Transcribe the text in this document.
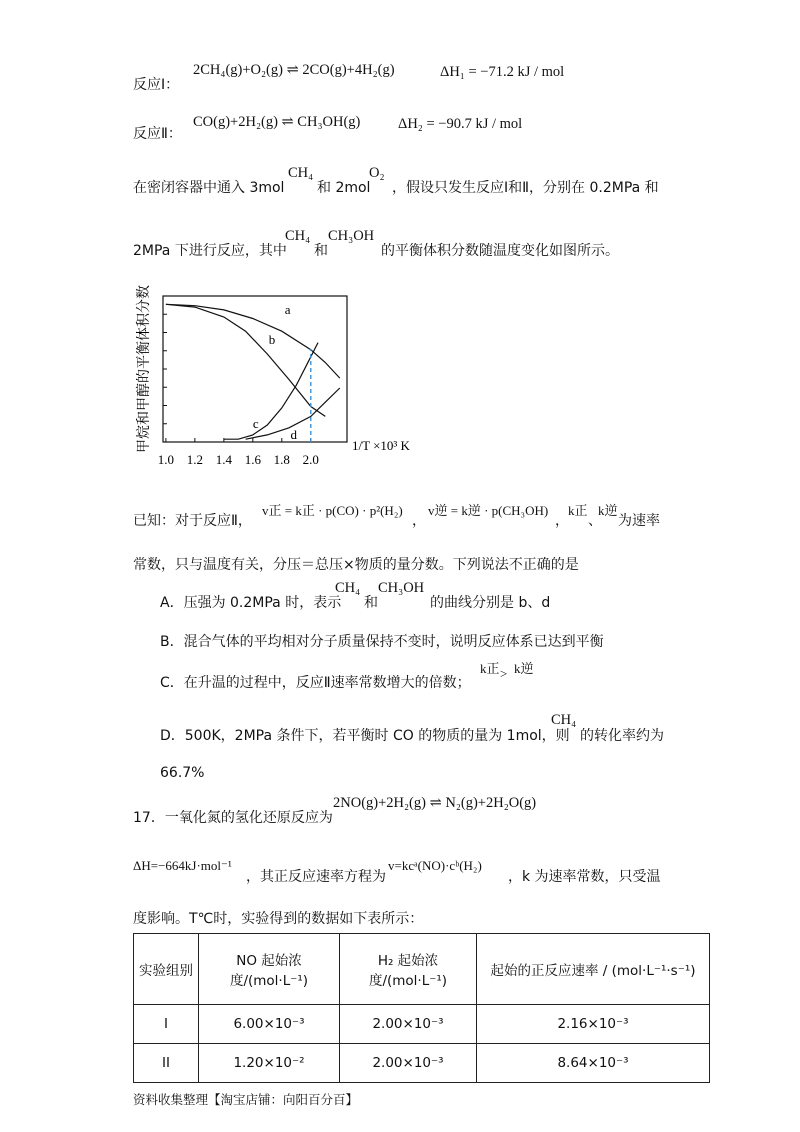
反应Ⅰ：
2CH₄(g)+O₂(g) ⇌ 2CO(g)+4H₂(g)	ΔH₁ = −71.2 kJ / mol
反应Ⅱ：
CO(g)+2H₂(g) ⇌ CH₃OH(g)	ΔH₂ = −90.7 kJ / mol
在密闭容器中通入 3mol
CH₄
和 2mol
O₂
，假设只发生反应Ⅰ和Ⅱ，分别在 0.2MPa 和
2MPa 下进行反应，其中
CH₄
和
CH₃OH
的平衡体积分数随温度变化如图所示。
1.0 1.2 1.4 1.6 1.8 2.0
a
b
c
d
甲烷和甲醇的平衡体积分数	1/T ×10³ K
已知：对于反应Ⅱ，
v正 = k正 · p(CO) · p²(H₂)
，
v逆 = k逆 · p(CH₃OH)
，
k正
、
k逆
为速率
常数，只与温度有关，分压＝总压×物质的量分数。下列说法不正确的是
A．压强为 0.2MPa 时，表示
CH₄
和
CH₃OH
的曲线分别是 b、d
B．混合气体的平均相对分子质量保持不变时，说明反应体系已达到平衡
C．在升温的过程中，反应Ⅱ速率常数增大的倍数；
k正 > k逆
D．500K，2MPa 条件下，若平衡时 CO 的物质的量为 1mol，则
CH₄
的转化率约为
66.7%
17．一氧化氮的氢化还原反应为
2NO(g)+2H₂(g) ⇌ N₂(g)+2H₂O(g)
ΔH=−664kJ·mol⁻¹
，其正反应速率方程为
v=kcᵃ(NO)·cᵇ(H₂)
，k 为速率常数，只受温
度影响。T℃时，实验得到的数据如下表所示：
实验组别	NO 起始浓度/(mol·L⁻¹)	H₂ 起始浓度/(mol·L⁻¹)	起始的正反应速率 / (mol·L⁻¹·s⁻¹)
I	6.00×10⁻³	2.00×10⁻³	2.16×10⁻³
II	1.20×10⁻²	2.00×10⁻³	8.64×10⁻³
资料收集整理【淘宝店铺：向阳百分百】
